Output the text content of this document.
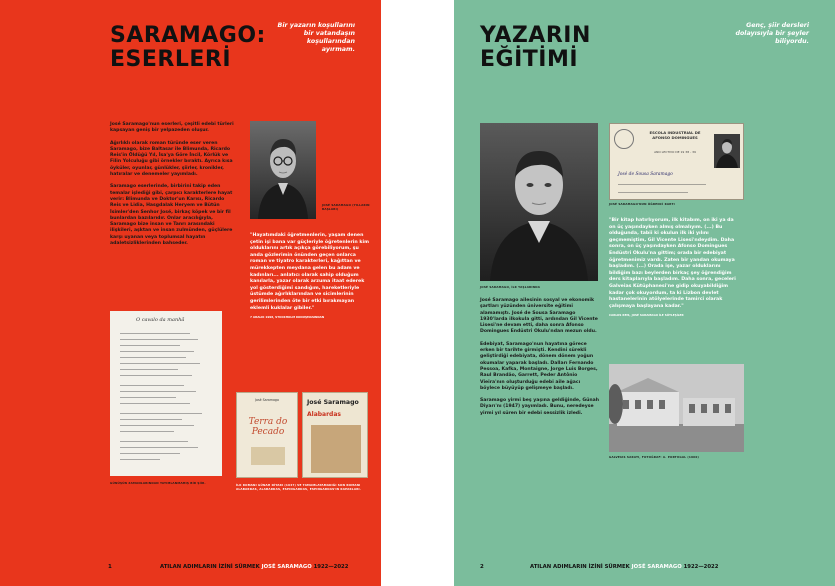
SARAMAGO:
ESERLERİ
Bir yazarın koşullarını bir vatandaşın koşullarından ayırmam.

José Saramago'nun eserleri, çeşitli edebi türleri kapsayan geniş bir yelpazeden oluşur.

Ağırlıklı olarak roman türünde eser veren Saramago, bize Baltasar ile Blimunda, Ricardo Reis'in Öldüğü Yıl, İsa'ya Göre İncil, Körlük ve Filin Yolculuğu gibi örnekler bıraktı. Ayrıca kısa öyküler, oyunlar, günlükler, şiirler, kronikler, hatıralar ve denemeler yayımladı.

Saramago eserlerinde, birbirini takip eden temalar işlediği gibi, çarpıcı karakterlere hayat verir: Blimunda ve Doktor'un Karısı, Ricardo Reis ve Lidia, Hasgdalak Heryem ve Bütün İsimler'den Senhor José, birkaç köpek ve bir fil bunlardan bazılarıdır. Onlar aracılığıyla, Saramago bize insan ve Tanrı arasındaki ilişkileri, aşktan ve insan zulmünden, güçlülere karşı uyanan veya toplumsal hayatın adaletsizliklerinden bahseder.

JOSÉ SARAMAGO (YILLARIN BAŞLARI)
"Hayatımdaki öğretmenlerin, yaşam denen çetin işi bana var güçleriyle öğretenlerin kim olduklarını artık açıkça görebiliyorum, şu anda gözlerimin önünden geçen onlarca roman ve tiyatro karakterleri, kağıttan ve mürekkepten meydana gelen bu adam ve kadınları... anlatıcı olarak sahip olduğum kanılarla, yazar olarak arzuma itaat ederek yol gösterdiğimi sandığım, hareketleriyle üstümde ağırlıklarından ve sicimlerinin gerilimlerinden öte bir etki bırakmayan eklemli kuklalar gibiler."
7 ARALIK 1998, STOCKHOLM KONUŞMASINDAN
O cavalo da manhã
GÜNÜŞÜN ZAMANLARINDAN YAYIMLANMAMIŞ BİR ŞİİR.
José Saramago
Terra do Pecado
José Saramago
Alabardas
İLK ROMANI GÜNAH DİYARI (1947) VE TAMAMLAYAMADIĞI SON ROMANI ALABARDAS, ALABARDAS, ESPINGARDAS, ESPINGARDAS'IN KAPAKLARI.
1	ATILAN ADIMLARIN İZİNİ SÜRMEK JOSÉ SARAMAGO 1922—2022
YAZARIN
EĞİTİMİ
Genç, şiir dersleri dolayısıyla bir şeyler biliyordu.
JOSÉ SARAMAGO, İLK YAŞLARINDA
ESCOLA INDUSTRIAL DE AFONSO DOMINGUES
ANO LECTIVO DE 19 38 - 39
José de Sousa Saramago
JOSÉ SARAMAGO'NUN ÖĞRENCİ KARTI
"Bir kitap hatırlıyorum, ilk kitabım, on iki ya da on üç yaşındayken almış olmalıyım. (...) Bu olduğunda, tabii ki okulun ilk iki yılını geçmemiştim, Gil Vicente Lisesi'ndeydim. Daha sonra, on üç yaşındayken Afonso Domingues Endüstri Okulu'na gittim; orada bir edebiyat öğretmenimiz vardı. Zaten bir yandan okumaya başladım. (...) Orada işe, yazar olduklarını bildiğim bazı beylerden birkaç şey öğrendiğim ders kitaplarıyla başladım. Daha sonra, geceleri Galveias Kütüphanesi'ne gidip okuyabildiğim kadar çok okuyordum, ta ki Lizbon devlet hastanelerinin atölyelerinde tamirci olarak çalışmaya başlayana kadar."
CARLOS REIS, JOSÉ SARAMAGO İLE SÖYLEŞİLER

José Saramago ailesinin sosyal ve ekonomik şartları yüzünden üniversite eğitimi alamamıştı. José de Sousa Saramago 1930'larda ilkokula gitti, ardından Gil Vicente Lisesi'ne devam etti, daha sonra Afonso Domingues Endüstri Okulu'ndan mezun oldu.

Edebiyat, Saramago'nun hayatına görece erken bir tarihte girmişti. Kendini sürekli geliştirdiği edebiyata, dönem dönem yoğun okumalar yaparak başladı. Dalları Fernando Pessoa, Kafka, Montaigne, Jorge Luis Borges, Raul Brandão, Garrett, Peder Antônio Vieira'nın oluşturduğu edebi aile ağacı böylece büyüyüp gelişmeye başladı.

Saramago yirmi beş yaşına geldiğinde, Günah Diyarı'nı (1947) yayımladı. Bunu, neredeyse yirmi yıl süren bir edebi sessizlik izledi.

GALVEIAS SARAYI, FOTOĞRAF: A. PORTUGAL (1960)
2	ATILAN ADIMLARIN İZİNİ SÜRMEK JOSÉ SARAMAGO 1922—2022
